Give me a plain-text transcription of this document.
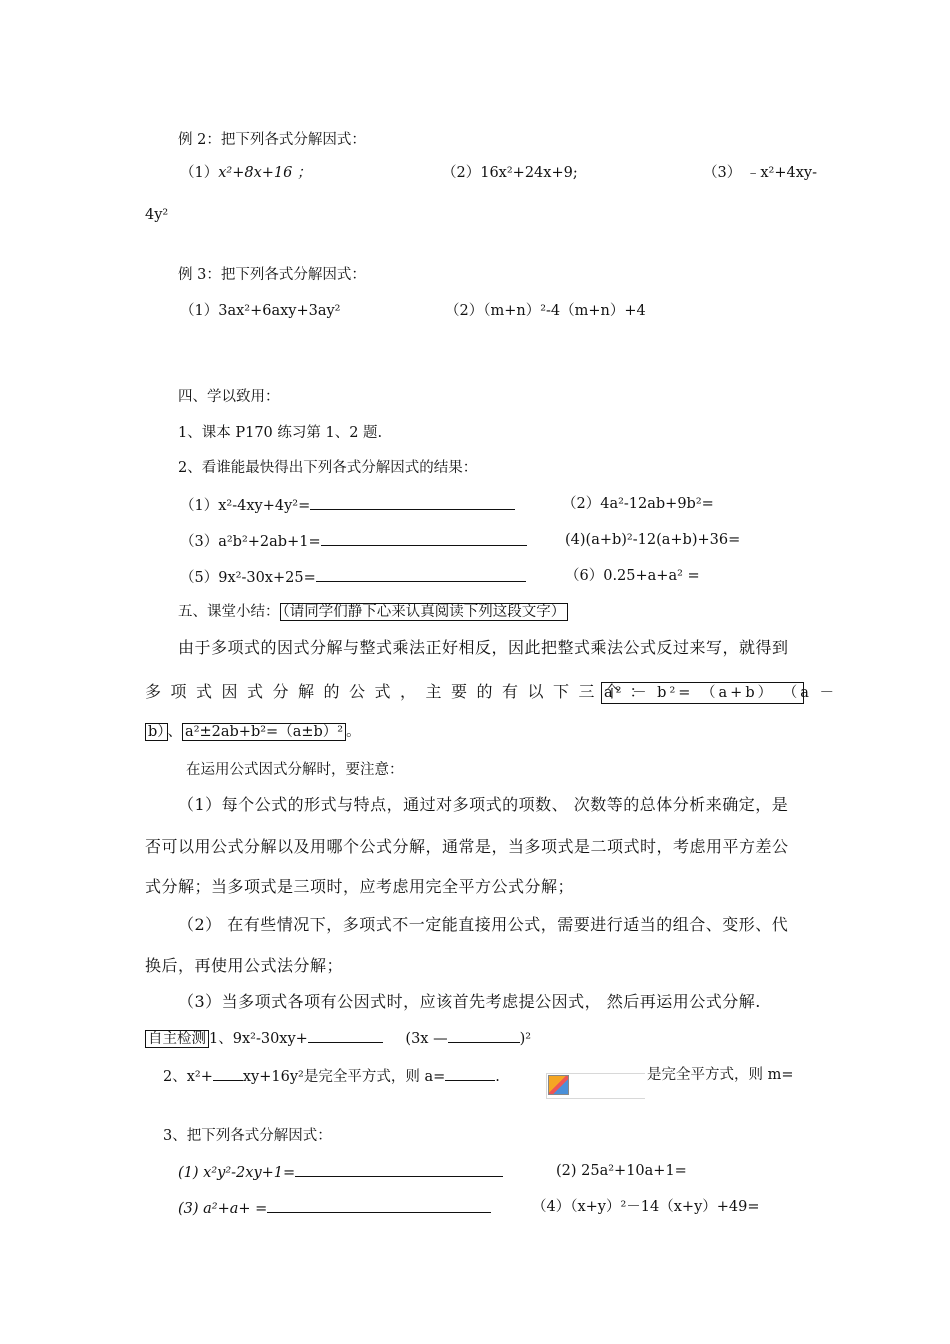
例 2：把下列各式分解因式：
（1）x²+8x+16 ；	（2）16x²+24x+9;	（3） ﹣x²+4xy-
4y²
例 3：把下列各式分解因式：
（1）3ax²+6axy+3ay²	（2）（m+n）²-4（m+n）+4
四、学以致用：
1、课本 P170 练习第 1、2 题.
2、看谁能最快得出下列各式分解因式的结果：
（1）x²-4xy+4y²=	（2）4a²-12ab+9b²=
（3）a²b²+2ab+1=	(4)(a+b)²-12(a+b)+36=
（5）9x²-30x+25=	（6）0.25+a+a² =
五、课堂小结： （请同学们静下心来认真阅读下列这段文字）
由于多项式的因式分解与整式乘法正好相反，因此把整式乘法公式反过来写，就得到
多项式因式分解的公式，主要的有以下三个：
a² － b²= （a+b） （a －
b） 、 a²±2ab+b²=（a±b）² 。
在运用公式因式分解时，要注意：
（1）每个公式的形式与特点，通过对多项式的项数、 次数等的总体分析来确定，是
否可以用公式分解以及用哪个公式分解，通常是，当多项式是二项式时，考虑用平方差公
式分解；当多项式是三项时，应考虑用完全平方公式分解；
（2） 在有些情况下，多项式不一定能直接用公式，需要进行适当的组合、变形、代
换后，再使用公式法分解；
（3）当多项式各项有公因式时，应该首先考虑提公因式， 然后再运用公式分解.
自主检测 1、9x²-30xy+	(3x —	)²
2、x²+ xy+16y²是完全平方式，则 a=	.	是完全平方式，则 m=
3、把下列各式分解因式：
(1) x²y²-2xy+1=	(2) 25a²+10a+1=
(3) a²+a+ =	（4）（x+y）²－14（x+y）+49=
